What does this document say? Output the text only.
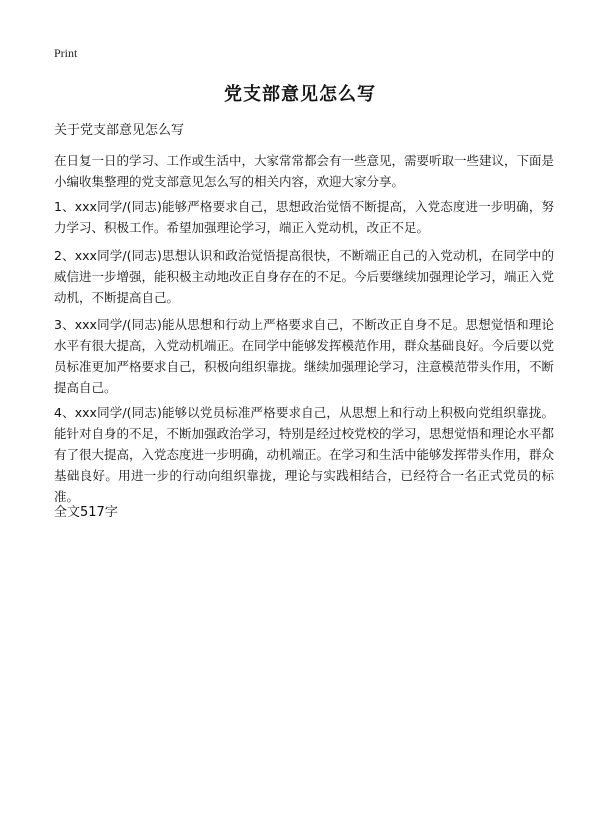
Print
党支部意见怎么写
关于党支部意见怎么写

在日复一日的学习、工作或生活中，大家常常都会有一些意见，需要听取一些建议，下面是小编收集整理的党支部意见怎么写的相关内容，欢迎大家分享。

1、xxx同学/(同志)能够严格要求自己，思想政治觉悟不断提高，入党态度进一步明确，努力学习、积极工作。希望加强理论学习，端正入党动机，改正不足。

2、xxx同学/(同志)思想认识和政治觉悟提高很快，不断端正自己的入党动机，在同学中的威信进一步增强，能积极主动地改正自身存在的不足。今后要继续加强理论学习，端正入党动机，不断提高自己。

3、xxx同学/(同志)能从思想和行动上严格要求自己，不断改正自身不足。思想觉悟和理论水平有很大提高，入党动机端正。在同学中能够发挥模范作用，群众基础良好。今后要以党员标准更加严格要求自己，积极向组织靠拢。继续加强理论学习，注意模范带头作用，不断提高自己。

4、xxx同学/(同志)能够以党员标准严格要求自己，从思想上和行动上积极向党组织靠拢。能针对自身的不足，不断加强政治学习，特别是经过校党校的学习，思想觉悟和理论水平都有了很大提高，入党态度进一步明确，动机端正。在学习和生活中能够发挥带头作用，群众基础良好。用进一步的行动向组织靠拢，理论与实践相结合，已经符合一名正式党员的标准。

全文517字
